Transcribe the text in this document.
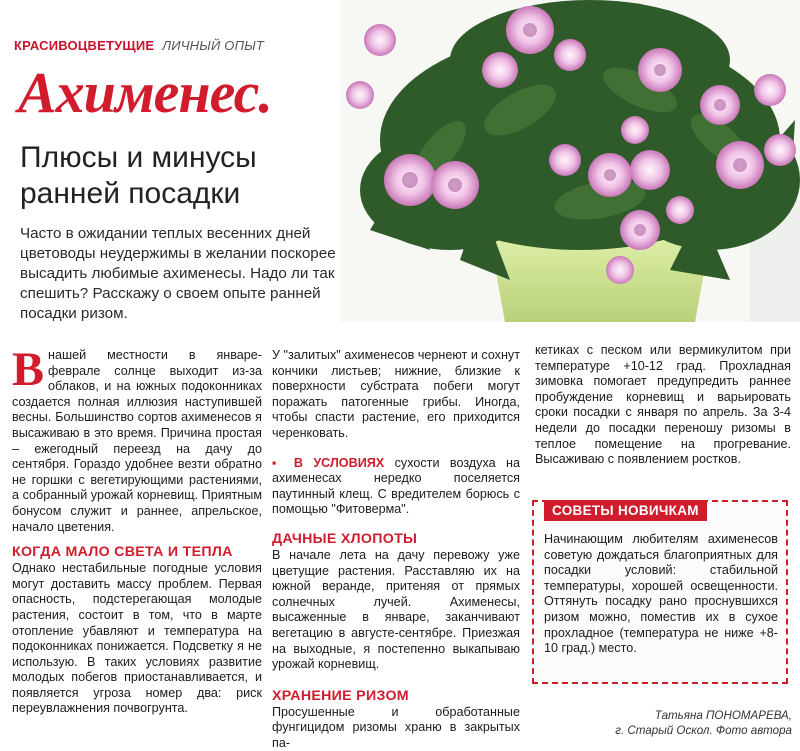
КРАСИВОЦВЕТУЩИЕ ЛИЧНЫЙ ОПЫТ
Ахименес.
Плюсы и минусы
ранней посадки
Часто в ожидании теплых весенних дней цветоводы неудержимы в желании поскорее высадить любимые ахименесы. Надо ли так спешить? Расскажу о своем опыте ранней посадки ризом.

В нашей местности в январе-феврале солнце выходит из-за облаков, и на южных подоконниках создается полная иллюзия наступившей весны. Большинство сортов ахименесов я высаживаю в это время. Причина простая – ежегодный переезд на дачу до сентября. Гораздо удобнее везти обратно не горшки с вегетирующими растениями, а собранный урожай корневищ. Приятным бонусом служит и раннее, апрельское, начало цветения.

КОГДА МАЛО СВЕТА И ТЕПЛА

Однако нестабильные погодные условия могут доставить массу проблем. Первая опасность, подстерегающая молодые растения, состоит в том, что в марте отопление убавляют и температура на подоконниках понижается. Подсветку я не использую. В таких условиях развитие молодых побегов приостанавливается, и появляется угроза номер два: риск переувлажнения почвогрунта.

У "залитых" ахименесов чернеют и сохнут кончики листьев; нижние, близкие к поверхности субстрата побеги могут поражать патогенные грибы. Иногда, чтобы спасти растение, его приходится черенковать.

▪ В УСЛОВИЯХ сухости воздуха на ахименесах нередко поселяется паутинный клещ. С вредителем борюсь с помощью "Фитоверма".

ДАЧНЫЕ ХЛОПОТЫ

В начале лета на дачу перевожу уже цветущие растения. Расставляю их на южной веранде, притеняя от прямых солнечных лучей. Ахименесы, высаженные в январе, заканчивают вегетацию в августе-сентябре. Приезжая на выходные, я постепенно выкапываю урожай корневищ.

ХРАНЕНИЕ РИЗОМ

Просушенные и обработанные фунгицидом ризомы храню в закрытых па-

кетиках с песком или вермикулитом при температуре +10-12 град. Прохладная зимовка помогает предупредить раннее пробуждение корневищ и варьировать сроки посадки с января по апрель. За 3-4 недели до посадки переношу ризомы в теплое помещение на прогревание. Высаживаю с появлением ростков.

СОВЕТЫ НОВИЧКАМ
Начинающим любителям ахименесов советую дождаться благоприятных для посадки условий: стабильной температуры, хорошей освещенности. Оттянуть посадку рано проснувшихся ризом можно, поместив их в сухое прохладное (температура не ниже +8-10 град.) место.
Татьяна ПОНОМАРЕВА,
г. Старый Оскол. Фото автора
